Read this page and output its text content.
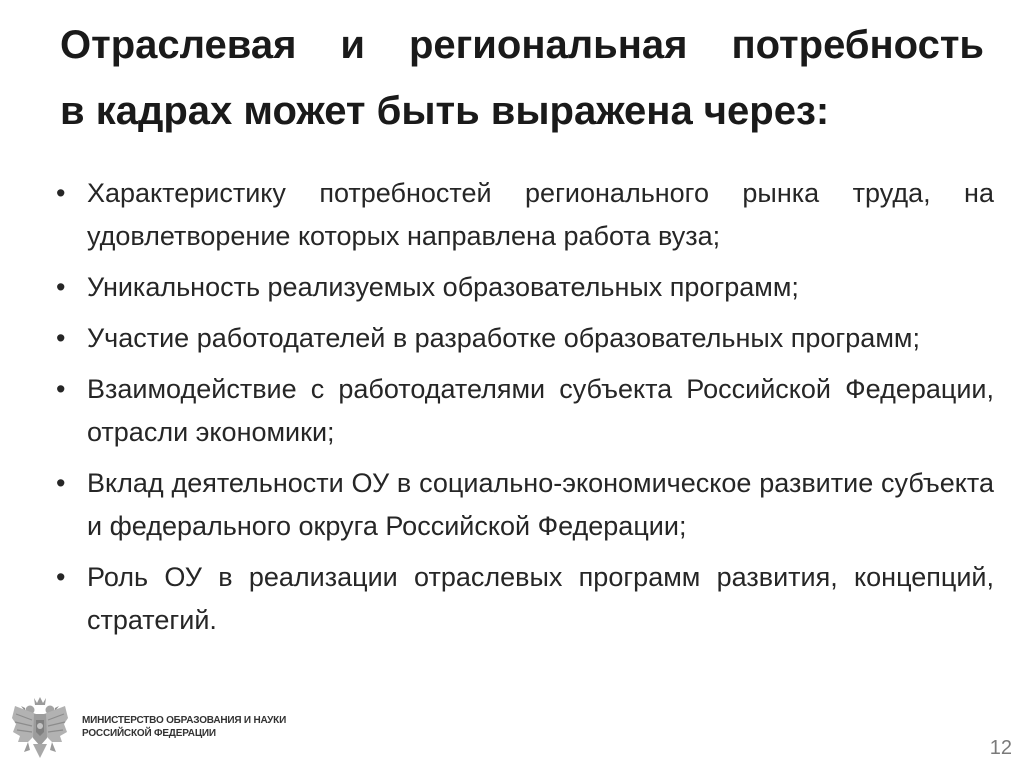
Отраслевая и региональная потребность
в кадрах может быть выражена через:
• Характеристику потребностей регионального рынка труда, на удовлетворение которых направлена работа вуза;
• Уникальность реализуемых образовательных программ;
• Участие работодателей в разработке образовательных программ;
• Взаимодействие с работодателями субъекта Российской Федерации, отрасли экономики;
• Вклад деятельности ОУ в социально-экономическое развитие субъекта и федерального округа Российской Федерации;
• Роль ОУ в реализации отраслевых программ развития, концепций, стратегий.
МИНИСТЕРСТВО ОБРАЗОВАНИЯ И НАУКИ
РОССИЙСКОЙ ФЕДЕРАЦИИ
12
